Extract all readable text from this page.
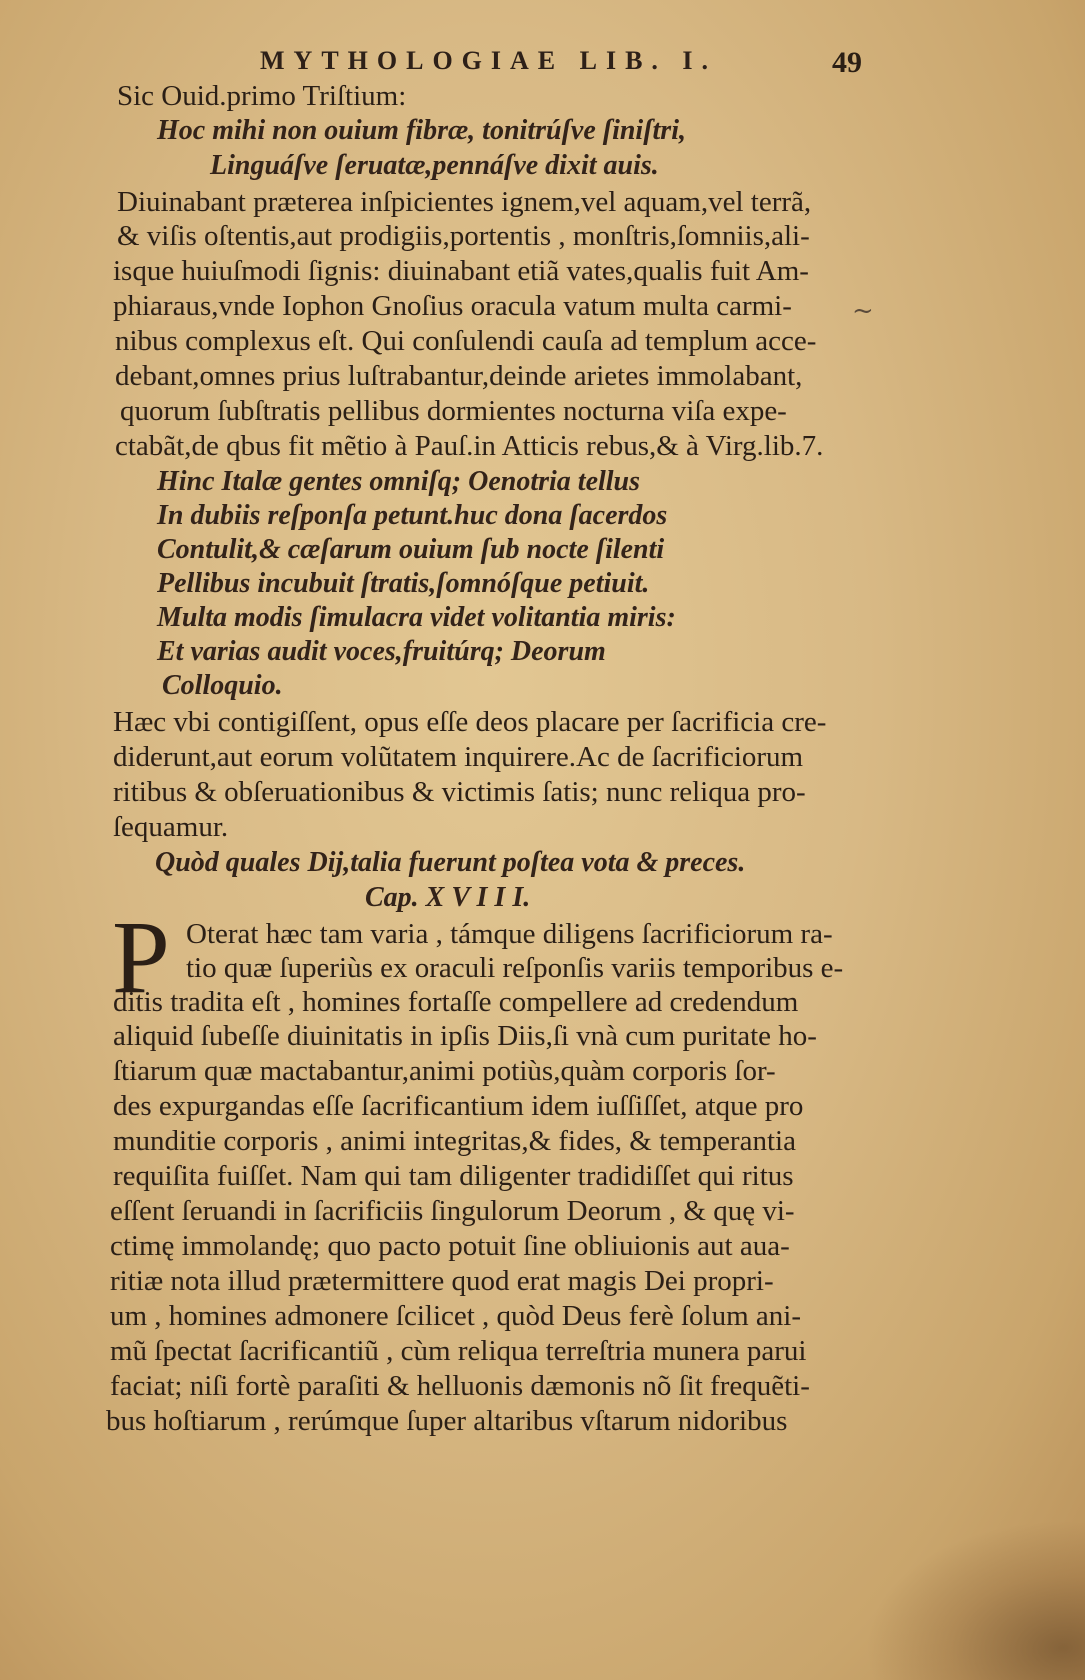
MYTHOLOGIAE LIB. I.	49
Sic Ouid.primo Triſtium:
Hoc mihi non ouium fibræ, tonitrúſve ſiniſtri,
Linguáſve ſeruatæ,pennáſve dixit auis.
Diuinabant præterea inſpicientes ignem,vel aquam,vel terrã,
& viſis oſtentis,aut prodigiis,portentis , monſtris,ſomniis,ali-
isque huiuſmodi ſignis: diuinabant etiã vates,qualis fuit Am-
phiaraus,vnde Iophon Gnoſius oracula vatum multa carmi-
nibus complexus eſt. Qui conſulendi cauſa ad templum acce-
debant,omnes prius luſtrabantur,deinde arietes immolabant,
quorum ſubſtratis pellibus dormientes nocturna viſa expe-
ctabãt,de qbus fit mẽtio à Pauſ.in Atticis rebus,& à Virg.lib.7.
Hinc Italæ gentes omniſq; Oenotria tellus
In dubiis reſponſa petunt.huc dona ſacerdos
Contulit,& cæſarum ouium ſub nocte ſilenti
Pellibus incubuit ſtratis,ſomnóſque petiuit.
Multa modis ſimulacra videt volitantia miris:
Et varias audit voces,fruitúrq; Deorum
Colloquio.
Hæc vbi contigiſſent, opus eſſe deos placare per ſacrificia cre-
diderunt,aut eorum volũtatem inquirere.Ac de ſacrificiorum
ritibus & obſeruationibus & victimis ſatis; nunc reliqua pro-
ſequamur.
Quòd quales Dij,talia fuerunt poſtea vota & preces.
Cap. X V I I I.
P Oterat hæc tam varia , támque diligens ſacrificiorum ra-
tio quæ ſuperiùs ex oraculi reſponſis variis temporibus e-
ditis tradita eſt , homines fortaſſe compellere ad credendum
aliquid ſubeſſe diuinitatis in ipſis Diis,ſi vnà cum puritate ho-
ſtiarum quæ mactabantur,animi potiùs,quàm corporis ſor-
des expurgandas eſſe ſacrificantium idem iuſſiſſet, atque pro
munditie corporis , animi integritas,& fides, & temperantia
requiſita fuiſſet. Nam qui tam diligenter tradidiſſet qui ritus
eſſent ſeruandi in ſacrificiis ſingulorum Deorum , & quę vi-
ctimę immolandę; quo pacto potuit ſine obliuionis aut aua-
ritiæ nota illud prætermittere quod erat magis Dei propri-
um , homines admonere ſcilicet , quòd Deus ferè ſolum ani-
mũ ſpectat ſacrificantiũ , cùm reliqua terreſtria munera parui
faciat; niſi fortè paraſiti & helluonis dæmonis nõ ſit frequẽti-
bus hoſtiarum , rerúmque ſuper altaribus vſtarum nidoribus
~
